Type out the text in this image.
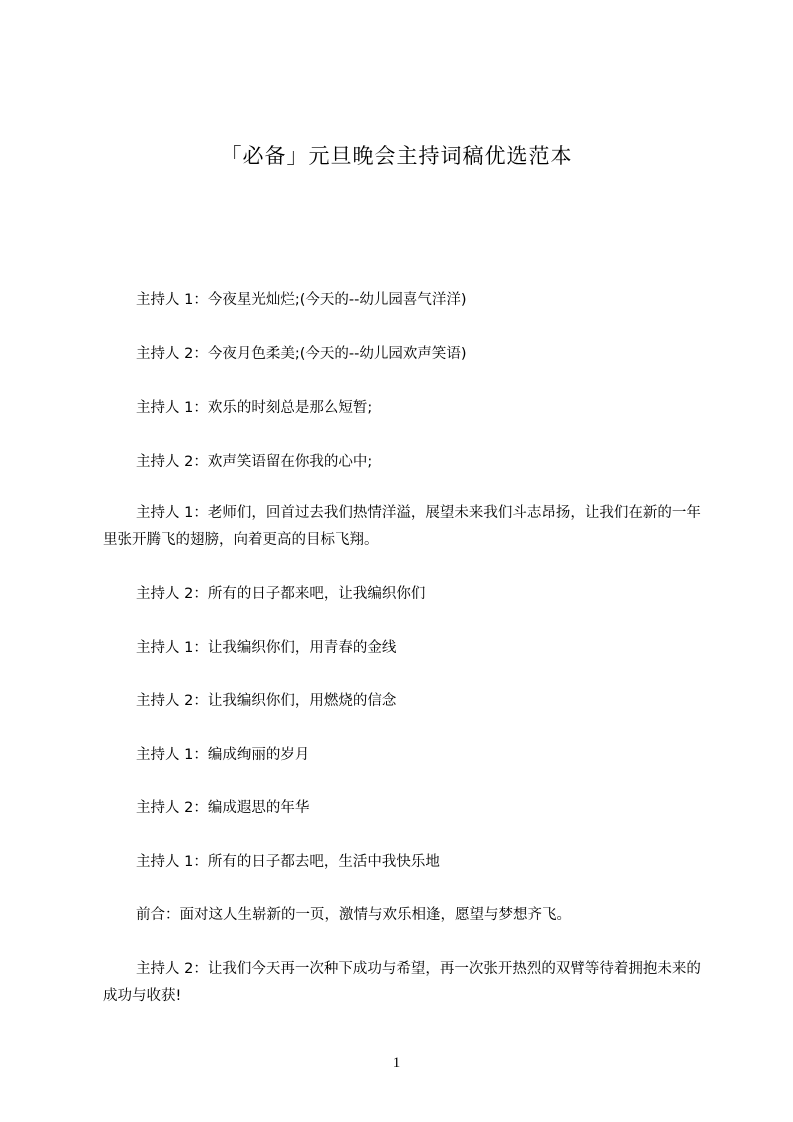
「必备」元旦晚会主持词稿优选范本
主持人 1：今夜星光灿烂;(今天的--幼儿园喜气洋洋)
主持人 2：今夜月色柔美;(今天的--幼儿园欢声笑语)
主持人 1：欢乐的时刻总是那么短暂;
主持人 2：欢声笑语留在你我的心中;
主持人 1：老师们，回首过去我们热情洋溢，展望未来我们斗志昂扬，让我们在新的一年里张开腾飞的翅膀，向着更高的目标飞翔。
主持人 2：所有的日子都来吧，让我编织你们
主持人 1：让我编织你们，用青春的金线
主持人 2：让我编织你们，用燃烧的信念
主持人 1：编成绚丽的岁月
主持人 2：编成遐思的年华
主持人 1：所有的日子都去吧，生活中我快乐地
前合：面对这人生崭新的一页，激情与欢乐相逢，愿望与梦想齐飞。
主持人 2：让我们今天再一次种下成功与希望，再一次张开热烈的双臂等待着拥抱未来的成功与收获!
1
